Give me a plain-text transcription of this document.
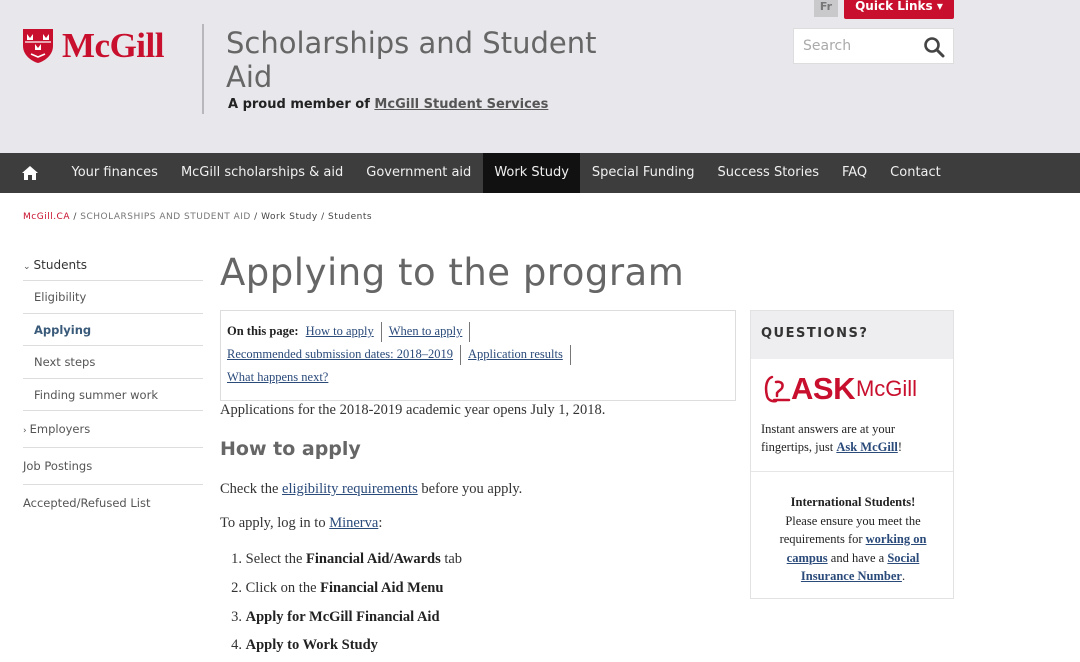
McGill Scholarships and Student Aid
A proud member of McGill Student Services
Fr	Quick Links ▾
Search
Your finances	McGill scholarships & aid	Government aid	Work Study	Special Funding	Success Stories	FAQ	Contact
McGill.CA / SCHOLARSHIPS AND STUDENT AID / Work Study / Students
⌄ Students
Eligibility
Applying
Next steps
Finding summer work
› Employers
Job Postings
Accepted/Refused List
Applying to the program
On this page: How to apply When to apply
Recommended submission dates: 2018–2019 Application results
What happens next?

Applications for the 2018-2019 academic year opens July 1, 2018.

How to apply

Check the eligibility requirements before you apply.

To apply, log in to Minerva:

1. Select the Financial Aid/Awards tab
2. Click on the Financial Aid Menu
3. Apply for McGill Financial Aid
4. Apply to Work Study
QUESTIONS?
ASK McGill

Instant answers are at your fingertips, just Ask McGill!

International Students!
Please ensure you meet the requirements for working on campus and have a Social Insurance Number.
